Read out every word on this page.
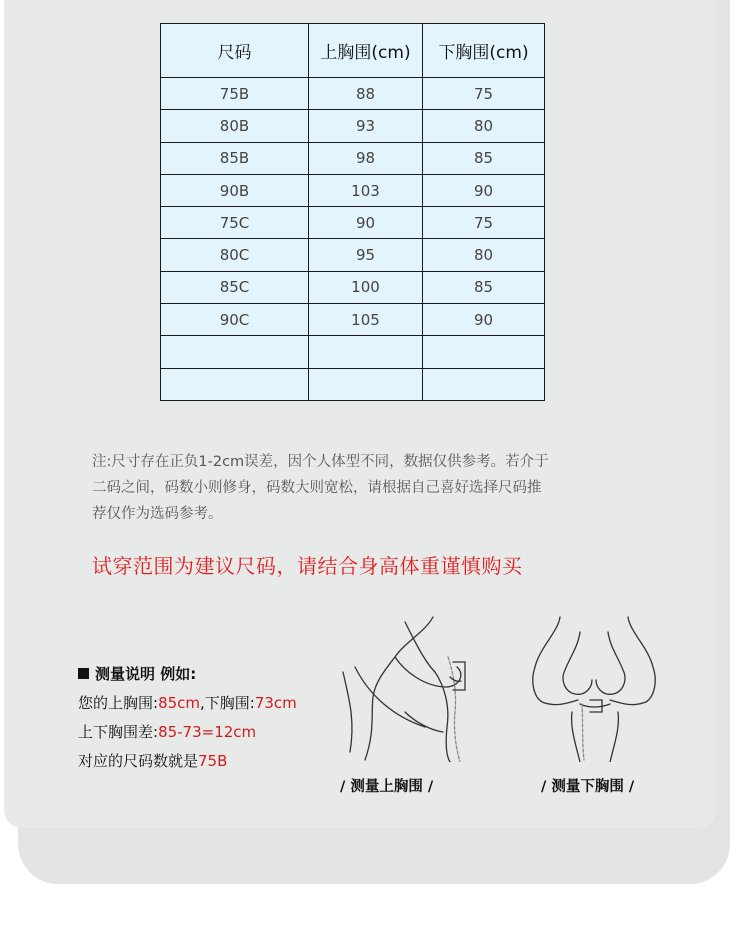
尺码	上胸围(cm)	下胸围(cm)
75B	88	75
80B	93	80
85B	98	85
90B	103	90
75C	90	75
80C	95	80
85C	100	85
90C	105	90

注:尺寸存在正负1-2cm误差，因个人体型不同，数据仅供参考。若介于
二码之间，码数小则修身，码数大则宽松，请根据自己喜好选择尺码推
荐仅作为选码参考。
试穿范围为建议尺码，请结合身高体重谨慎购买
测量说明 例如:
您的上胸围:85cm,下胸围:73cm
上下胸围差:85-73=12cm
对应的尺码数就是75B
/ 测量上胸围 /	/ 测量下胸围 /
